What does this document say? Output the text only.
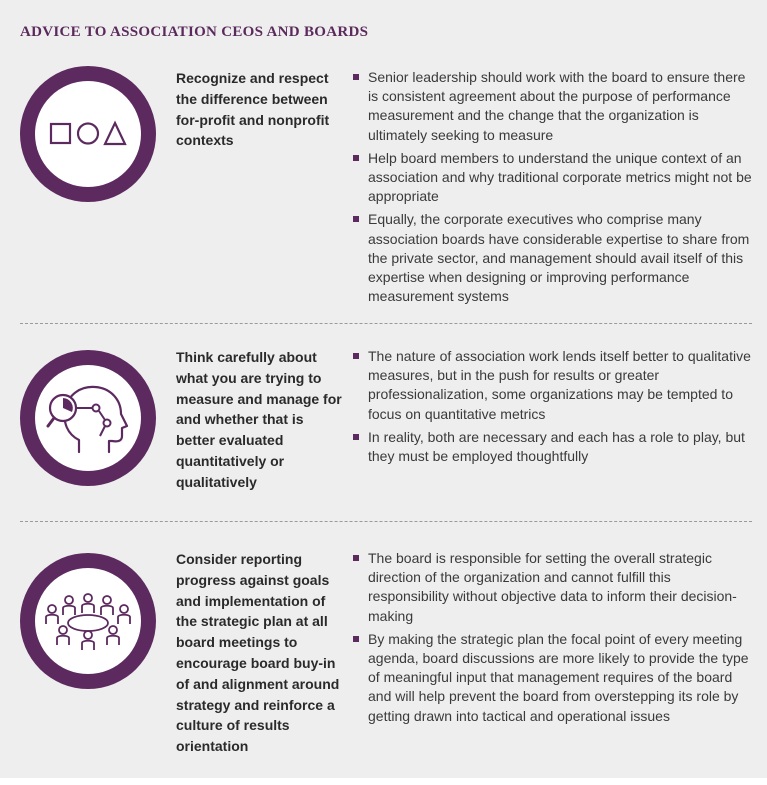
ADVICE TO ASSOCIATION CEOS AND BOARDS

Recognize and respect the difference between for-profit and nonprofit contexts

Senior leadership should work with the board to ensure there is consistent agreement about the purpose of performance measurement and the change that the organization is ultimately seeking to measure
Help board members to understand the unique context of an association and why traditional corporate metrics might not be appropriate
Equally, the corporate executives who comprise many association boards have considerable expertise to share from the private sector, and management should avail itself of this expertise when designing or improving performance measurement systems

Think carefully about what you are trying to measure and manage for and whether that is better evaluated quantitatively or qualitatively

The nature of association work lends itself better to qualitative measures, but in the push for results or greater professionalization, some organizations may be tempted to focus on quantitative metrics
In reality, both are necessary and each has a role to play, but they must be employed thoughtfully

Consider reporting progress against goals and implementation of the strategic plan at all board meetings to encourage board buy-in of and alignment around strategy and reinforce a culture of results orientation

The board is responsible for setting the overall strategic direction of the organization and cannot fulfill this responsibility without objective data to inform their decision-making
By making the strategic plan the focal point of every meeting agenda, board discussions are more likely to provide the type of meaningful input that management requires of the board and will help prevent the board from overstepping its role by getting drawn into tactical and operational issues
